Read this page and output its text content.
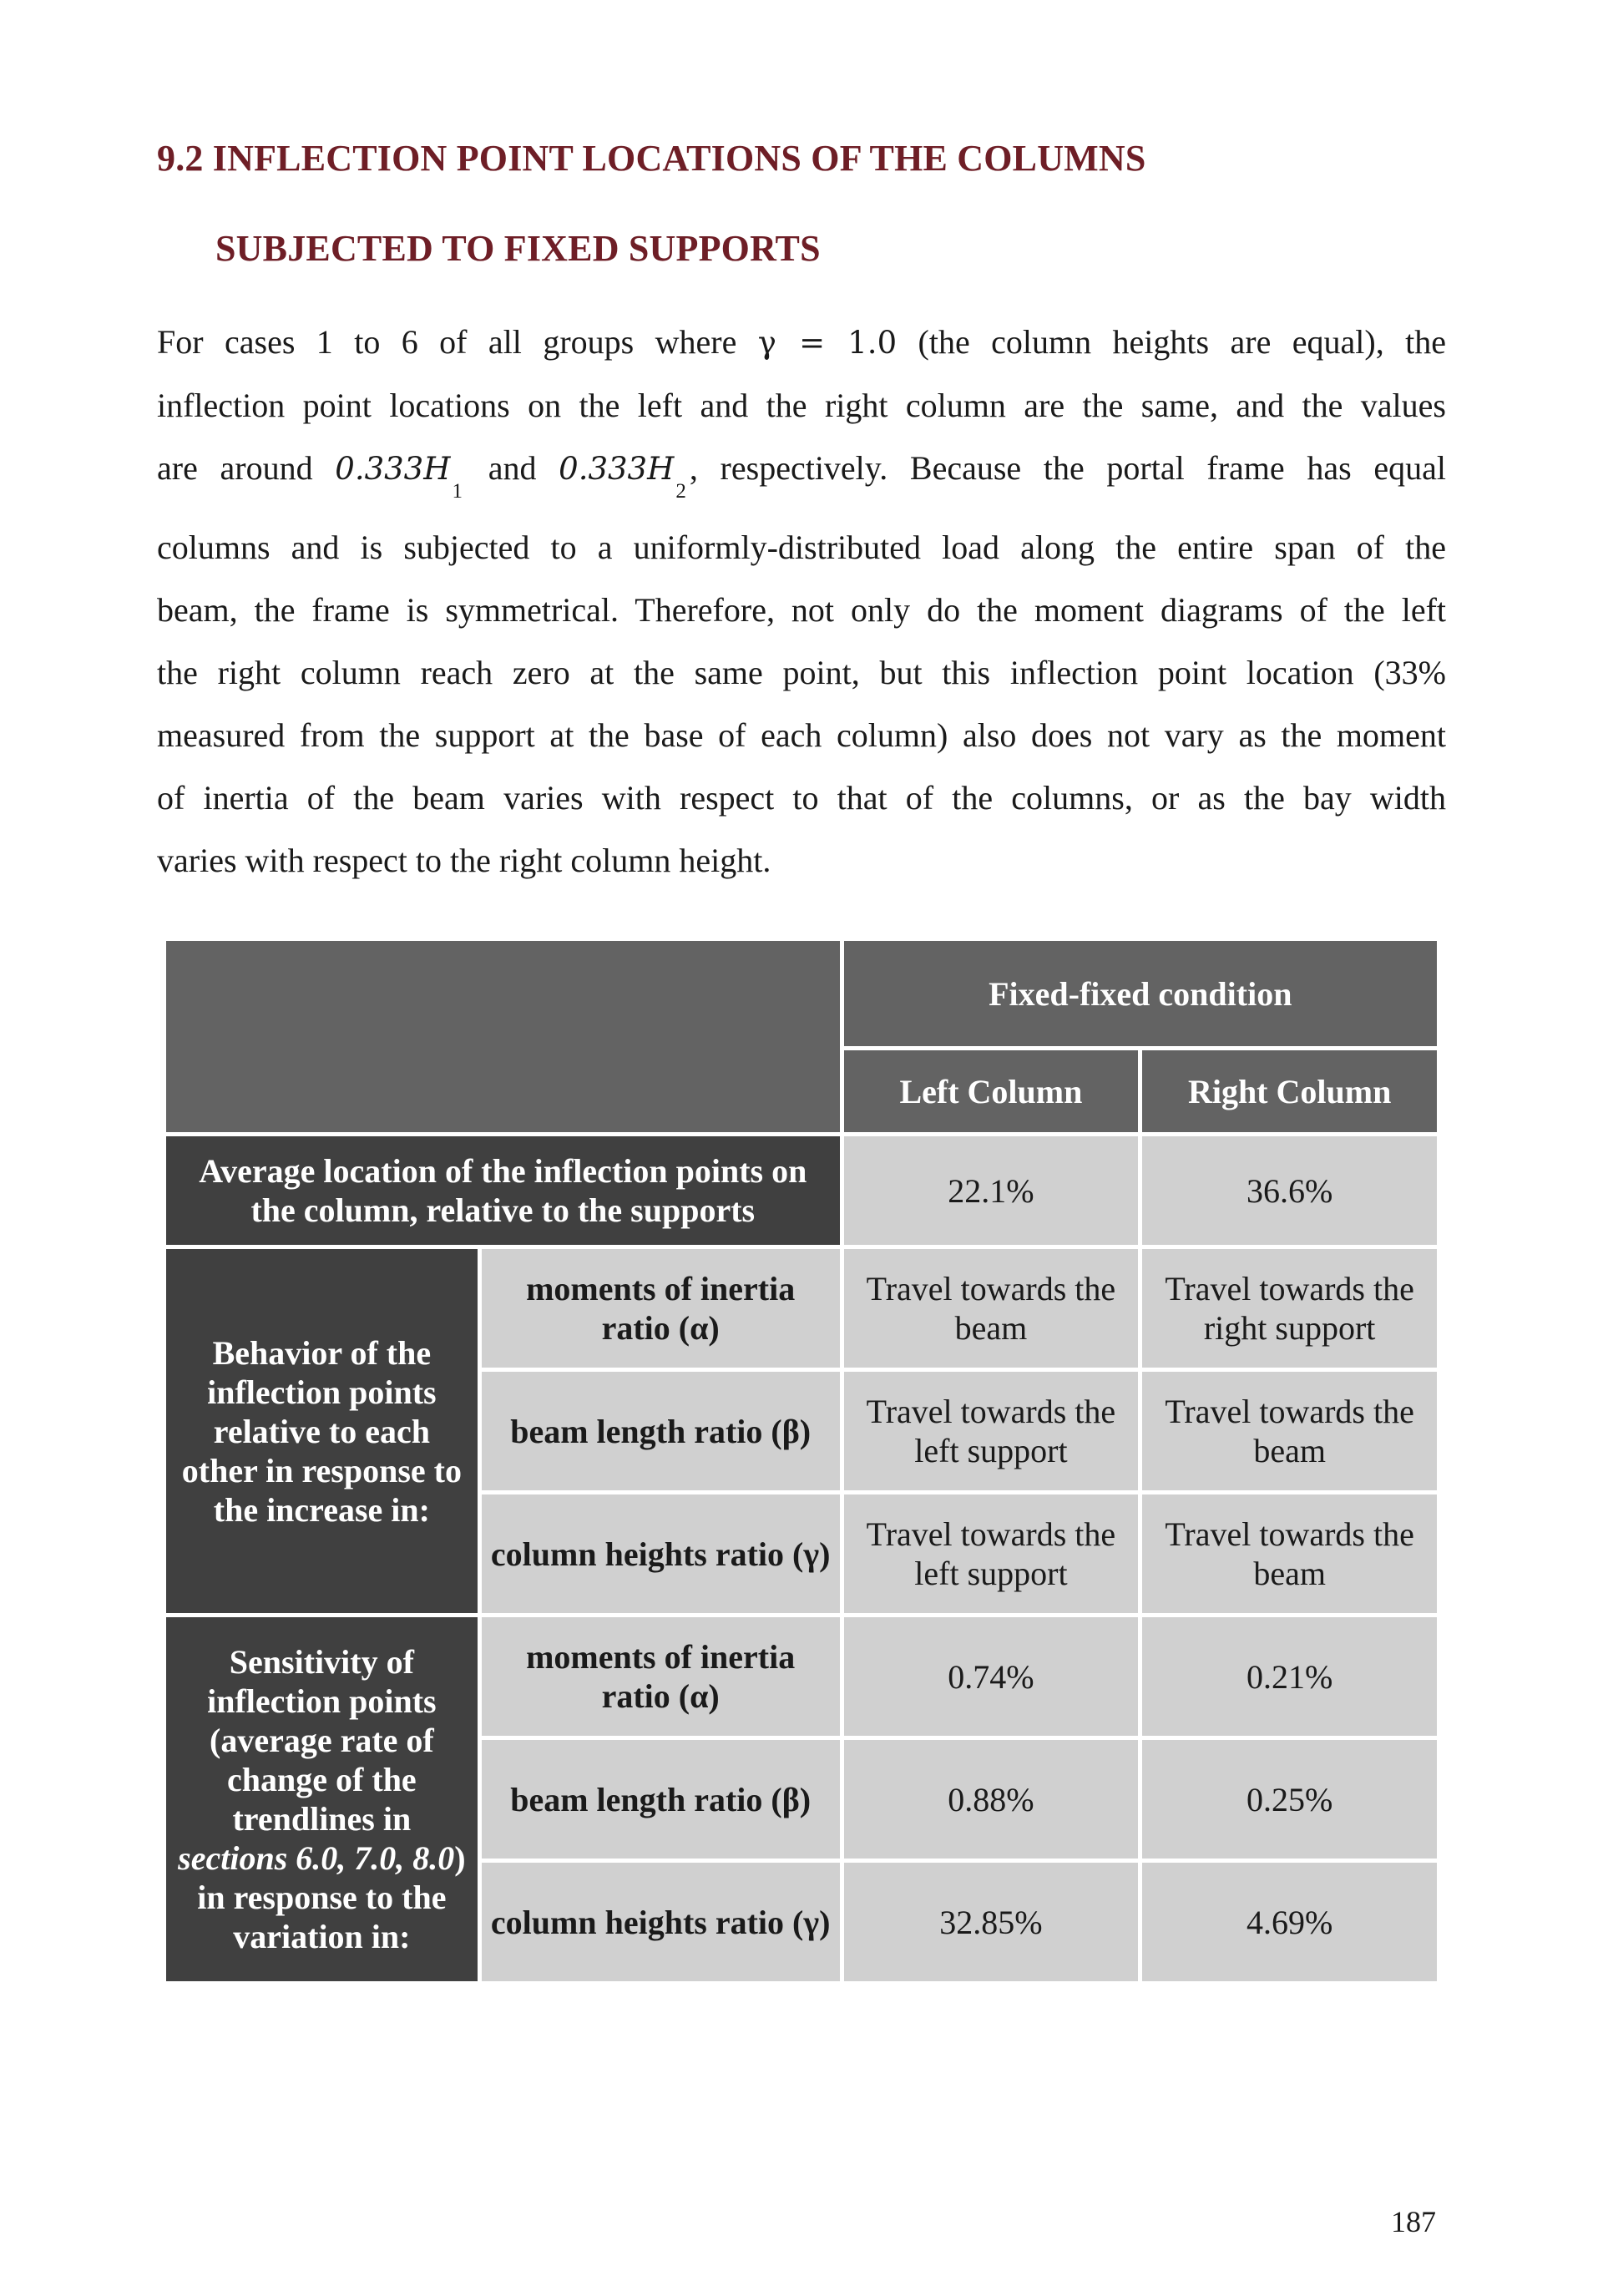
9.2 INFLECTION POINT LOCATIONS OF THE COLUMNS
SUBJECTED TO FIXED SUPPORTS
For cases 1 to 6 of all groups where γ = 1.0 (the column heights are equal), the
inflection point locations on the left and the right column are the same, and the values
are around $0.333H_1$ and $0.333H_2$, respectively. Because the portal frame has equal
columns and is subjected to a uniformly-distributed load along the entire span of the
beam, the frame is symmetrical. Therefore, not only do the moment diagrams of the left
the right column reach zero at the same point, but this inflection point location (33%
measured from the support at the base of each column) also does not vary as the moment
of inertia of the beam varies with respect to that of the columns, or as the bay width
varies with respect to the right column height.
		Fixed-fixed condition	
		Left Column	Right Column
Average location of the inflection points on the column, relative to the supports		22.1%	36.6%
Behavior of the inflection points relative to each other in response to the increase in:	moments of inertia ratio (α)	Travel towards the beam	Travel towards the right support
	beam length ratio (β)	Travel towards the left support	Travel towards the beam
	column heights ratio (γ)	Travel towards the left support	Travel towards the beam
Sensitivity of inflection points (average rate of change of the trendlines in sections 6.0, 7.0, 8.0) in response to the variation in:	moments of inertia ratio (α)	0.74%	0.21%
	beam length ratio (β)	0.88%	0.25%
	column heights ratio (γ)	32.85%	4.69%
187
